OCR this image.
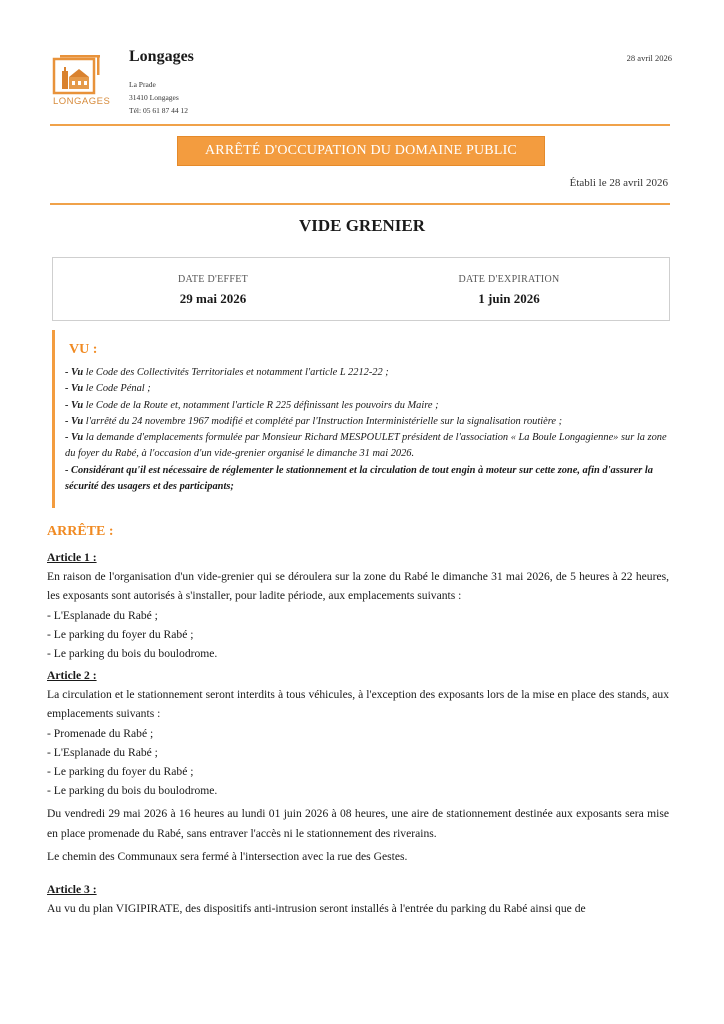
LONGAGES
Longages
La Prade
31410 Longages
Tél: 05 61 87 44 12
28 avril 2026
ARRÊTÉ D'OCCUPATION DU DOMAINE PUBLIC
Établi le 28 avril 2026
VIDE GRENIER
DATE D'EFFET
29 mai 2026
DATE D'EXPIRATION
1 juin 2026
VU :
- Vu le Code des Collectivités Territoriales et notamment l'article L 2212-22 ;
- Vu le Code Pénal ;
- Vu le Code de la Route et, notamment l'article R 225 définissant les pouvoirs du Maire ;
- Vu l'arrêté du 24 novembre 1967 modifié et complété par l'Instruction Interministérielle sur la signalisation routière ;
- Vu la demande d'emplacements formulée par Monsieur Richard MESPOULET président de l'association « La Boule Longagienne» sur la zone du foyer du Rabé, à l'occasion d'un vide-grenier organisé le dimanche 31 mai 2026.
- Considérant qu'il est nécessaire de réglementer le stationnement et la circulation de tout engin à moteur sur cette zone, afin d'assurer la sécurité des usagers et des participants;
ARRÊTE :
Article 1 :
En raison de l'organisation d'un vide-grenier qui se déroulera sur la zone du Rabé le dimanche 31 mai 2026, de 5 heures à 22 heures, les exposants sont autorisés à s'installer, pour ladite période, aux emplacements suivants :
- L'Esplanade du Rabé ;
- Le parking du foyer du Rabé ;
- Le parking du bois du boulodrome.
Article 2 :
La circulation et le stationnement seront interdits à tous véhicules, à l'exception des exposants lors de la mise en place des stands, aux emplacements suivants :
- Promenade du Rabé ;
- L'Esplanade du Rabé ;
- Le parking du foyer du Rabé ;
- Le parking du bois du boulodrome.
Du vendredi 29 mai 2026 à 16 heures au lundi 01 juin 2026 à 08 heures, une aire de stationnement destinée aux exposants sera mise en place promenade du Rabé, sans entraver l'accès ni le stationnement des riverains.
Le chemin des Communaux sera fermé à l'intersection avec la rue des Gestes.
Article 3 :
Au vu du plan VIGIPIRATE, des dispositifs anti-intrusion seront installés à l'entrée du parking du Rabé ainsi que de
